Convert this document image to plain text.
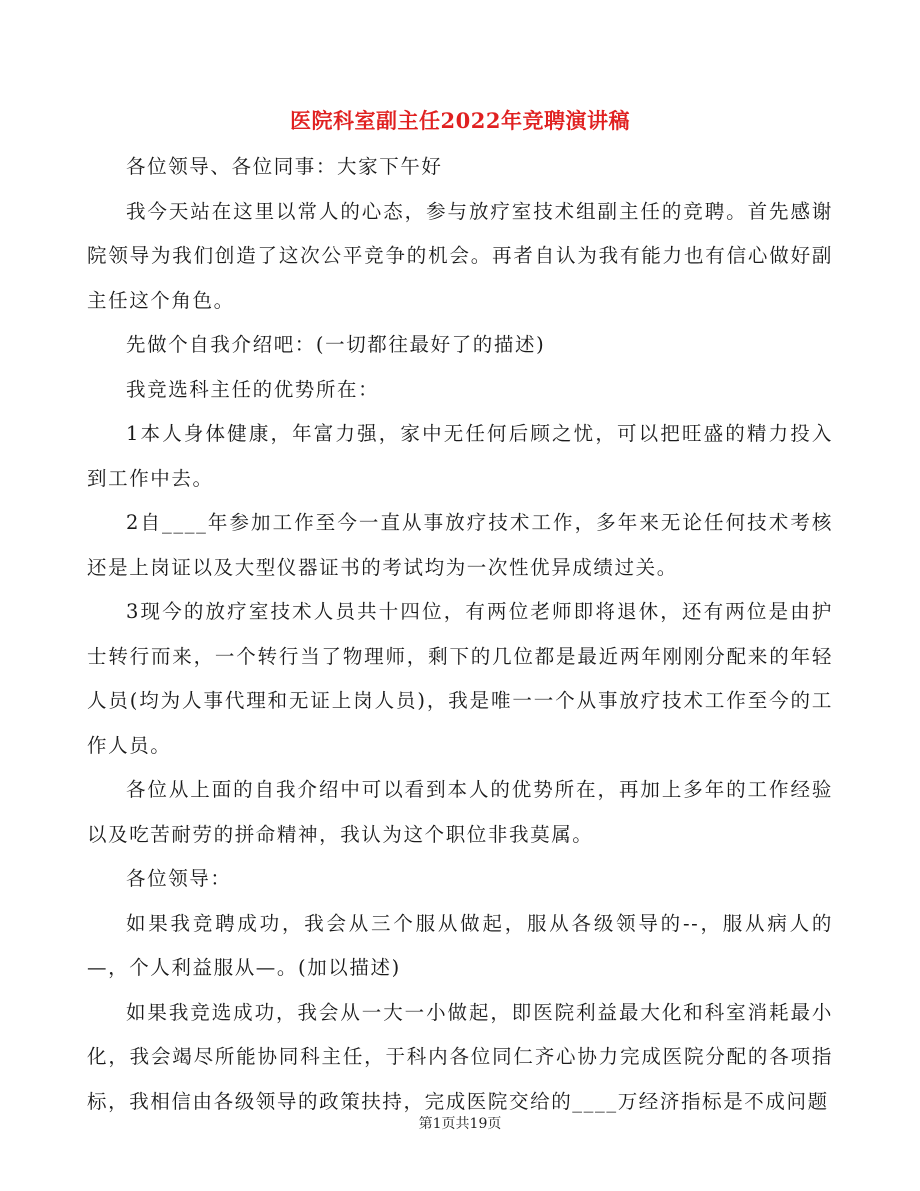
医院科室副主任2022年竞聘演讲稿

各位领导、各位同事：大家下午好

我今天站在这里以常人的心态，参与放疗室技术组副主任的竞聘。首先感谢院领导为我们创造了这次公平竞争的机会。再者自认为我有能力也有信心做好副主任这个角色。

先做个自我介绍吧：(一切都往最好了的描述)

我竞选科主任的优势所在：

1本人身体健康，年富力强，家中无任何后顾之忧，可以把旺盛的精力投入到工作中去。

2自____年参加工作至今一直从事放疗技术工作，多年来无论任何技术考核还是上岗证以及大型仪器证书的考试均为一次性优异成绩过关。

3现今的放疗室技术人员共十四位，有两位老师即将退休，还有两位是由护士转行而来，一个转行当了物理师，剩下的几位都是最近两年刚刚分配来的年轻人员(均为人事代理和无证上岗人员)，我是唯一一个从事放疗技术工作至今的工作人员。

各位从上面的自我介绍中可以看到本人的优势所在，再加上多年的工作经验以及吃苦耐劳的拼命精神，我认为这个职位非我莫属。

各位领导：

如果我竞聘成功，我会从三个服从做起，服从各级领导的--，服从病人的—，个人利益服从—。(加以描述)

如果我竞选成功，我会从一大一小做起，即医院利益最大化和科室消耗最小化，我会竭尽所能协同科主任，于科内各位同仁齐心协力完成医院分配的各项指标，我相信由各级领导的政策扶持，完成医院交给的____万经济指标是不成问题

第1页共19页
